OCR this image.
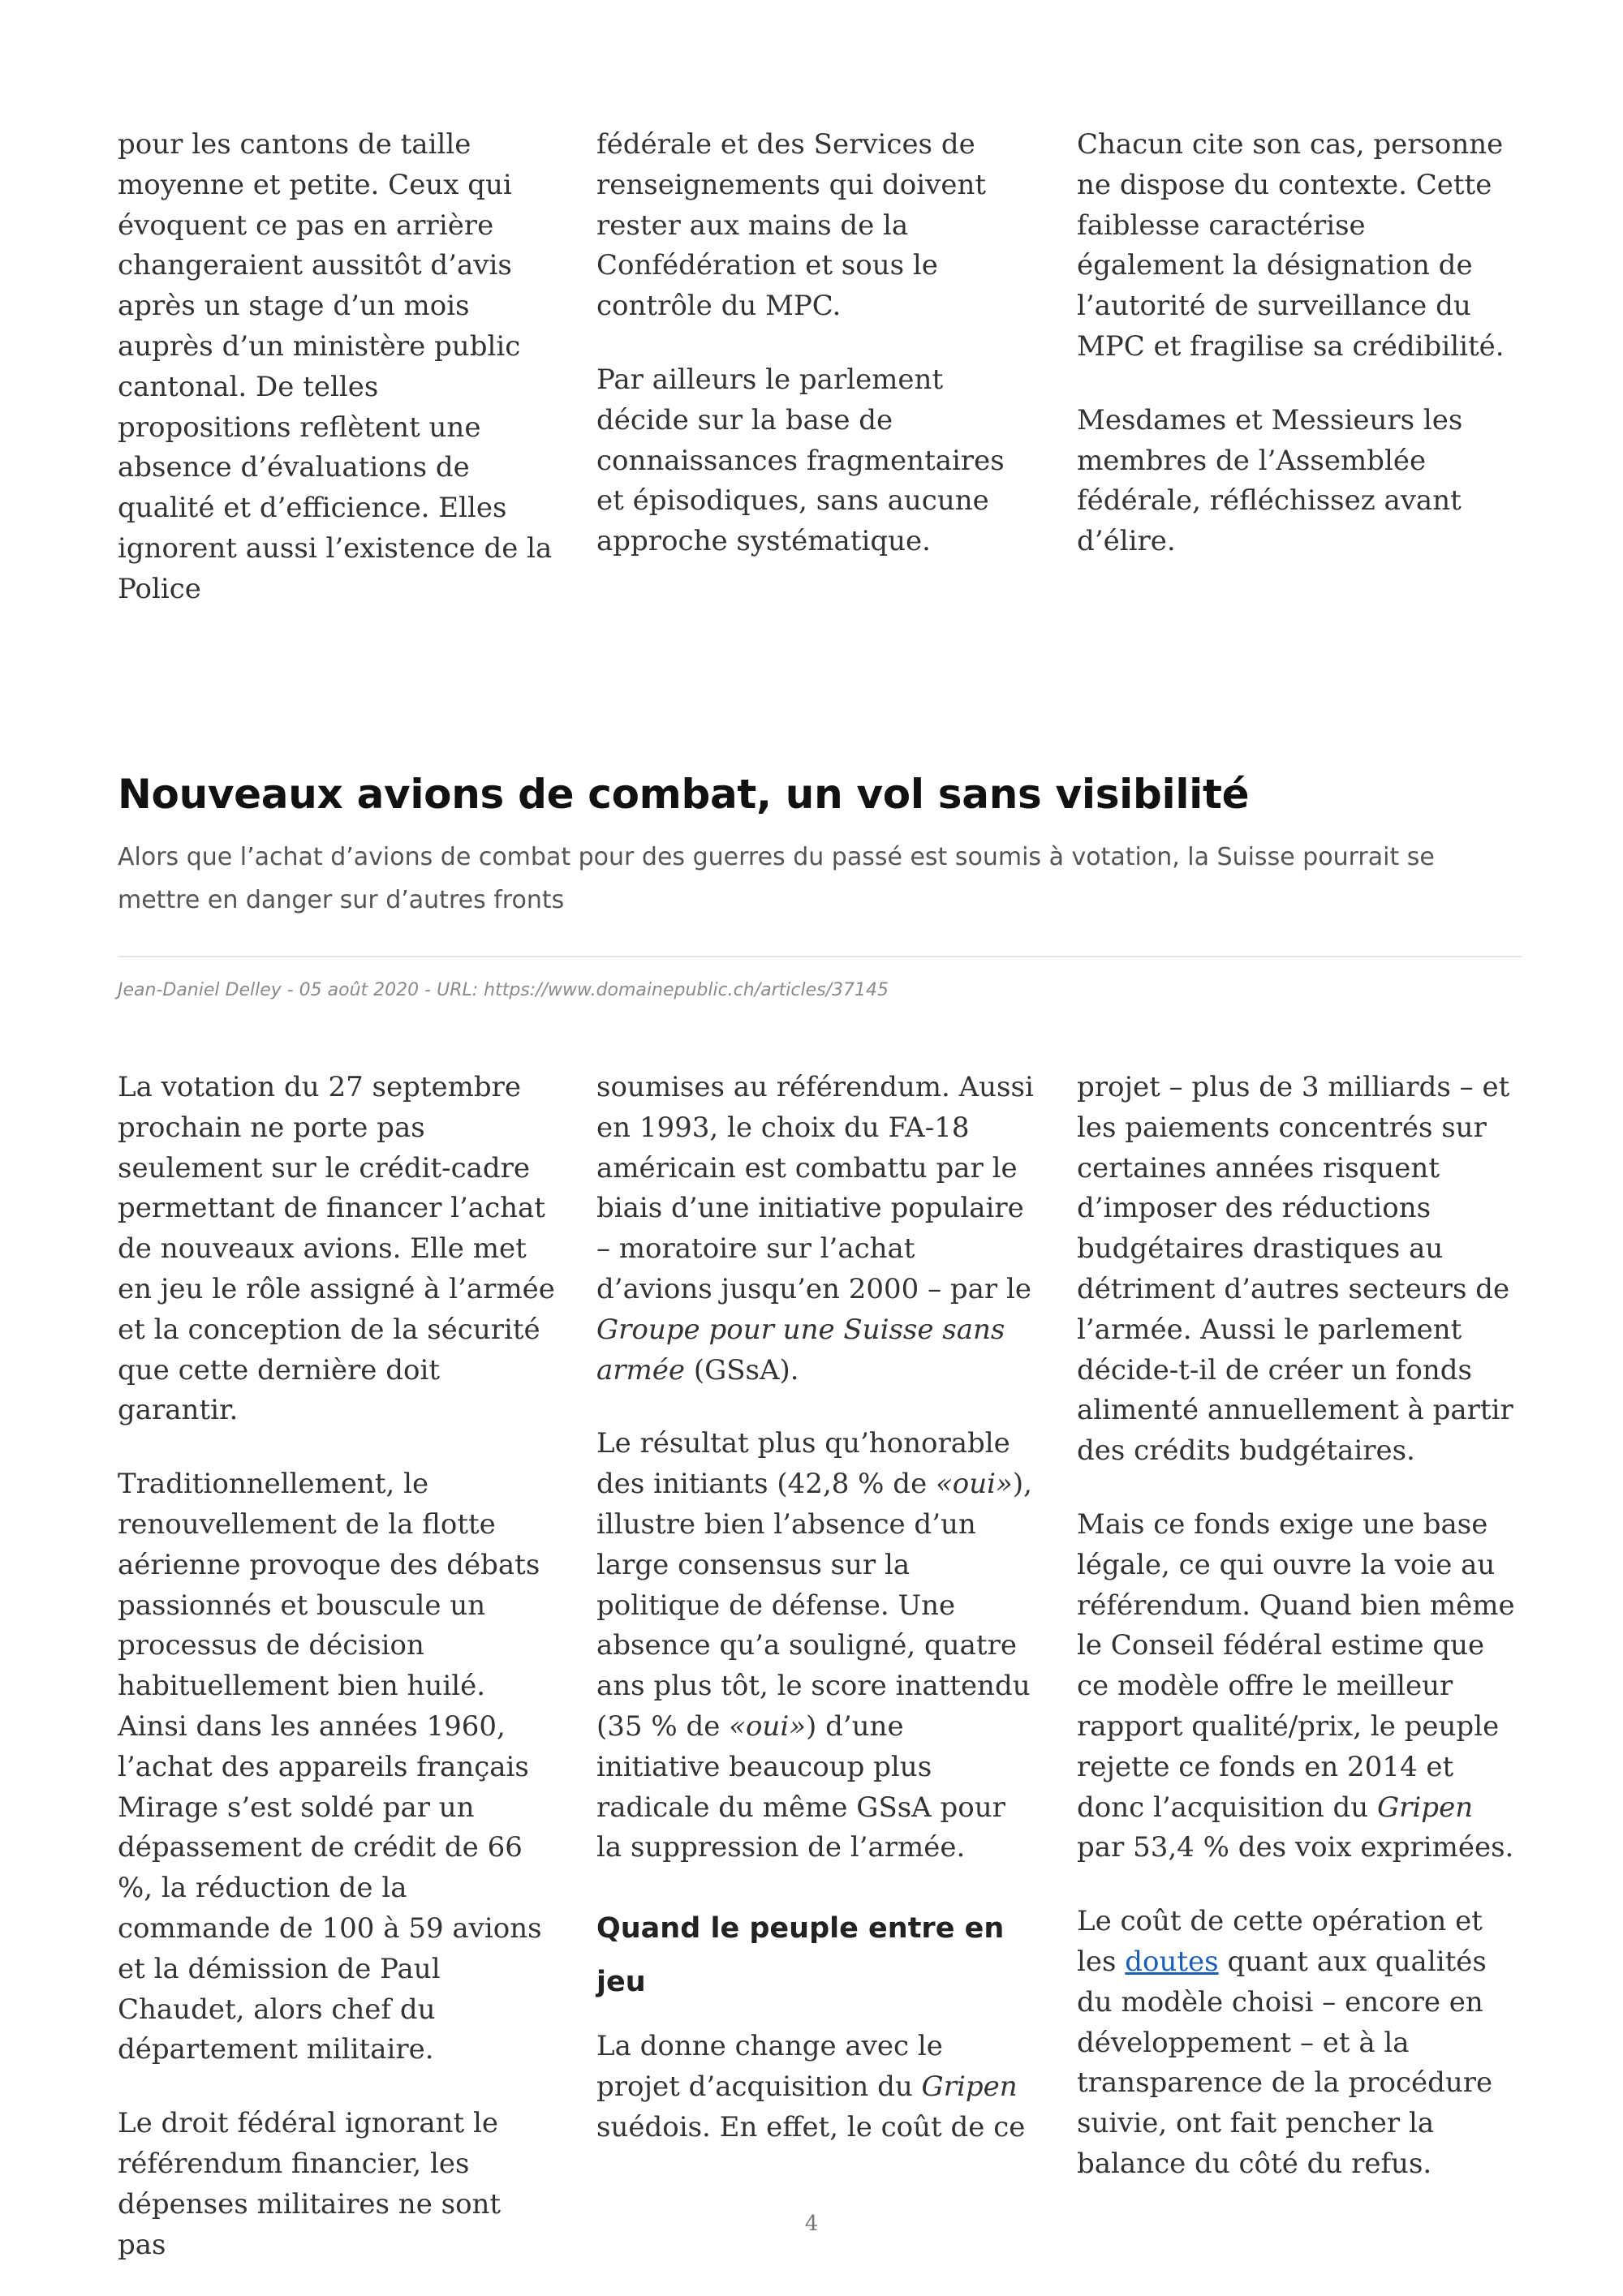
pour les cantons de taille moyenne et petite. Ceux qui évoquent ce pas en arrière changeraient aussitôt d’avis après un stage d’un mois auprès d’un ministère public cantonal. De telles propositions reflètent une absence d’évaluations de qualité et d’efficience. Elles ignorent aussi l’existence de la Police

fédérale et des Services de renseignements qui doivent rester aux mains de la Confédération et sous le contrôle du MPC.

Par ailleurs le parlement décide sur la base de connaissances fragmentaires et épisodiques, sans aucune approche systématique.

Chacun cite son cas, personne ne dispose du contexte. Cette faiblesse caractérise également la désignation de l’autorité de surveillance du MPC et fragilise sa crédibilité.

Mesdames et Messieurs les membres de l’Assemblée fédérale, réfléchissez avant d’élire.

Nouveaux avions de combat, un vol sans visibilité

Alors que l’achat d’avions de combat pour des guerres du passé est soumis à votation, la Suisse pourrait se mettre en danger sur d’autres fronts

Jean-Daniel Delley - 05 août 2020 - URL: https://www.domainepublic.ch/articles/37145

La votation du 27 septembre prochain ne porte pas seulement sur le crédit-cadre permettant de financer l’achat de nouveaux avions. Elle met en jeu le rôle assigné à l’armée et la conception de la sécurité que cette dernière doit garantir.

Traditionnellement, le renouvellement de la flotte aérienne provoque des débats passionnés et bouscule un processus de décision habituellement bien huilé. Ainsi dans les années 1960, l’achat des appareils français Mirage s’est soldé par un dépassement de crédit de 66 %, la réduction de la commande de 100 à 59 avions et la démission de Paul Chaudet, alors chef du département militaire.

Le droit fédéral ignorant le référendum financier, les dépenses militaires ne sont pas

soumises au référendum. Aussi en 1993, le choix du FA-18 américain est combattu par le biais d’une initiative populaire – moratoire sur l’achat d’avions jusqu’en 2000 – par le Groupe pour une Suisse sans armée (GSsA).

Le résultat plus qu’honorable des initiants (42,8 % de «oui»), illustre bien l’absence d’un large consensus sur la politique de défense. Une absence qu’a souligné, quatre ans plus tôt, le score inattendu (35 % de «oui») d’une initiative beaucoup plus radicale du même GSsA pour la suppression de l’armée.

Quand le peuple entre en jeu

La donne change avec le projet d’acquisition du Gripen suédois. En effet, le coût de ce

projet – plus de 3 milliards – et les paiements concentrés sur certaines années risquent d’imposer des réductions budgétaires drastiques au détriment d’autres secteurs de l’armée. Aussi le parlement décide-t-il de créer un fonds alimenté annuellement à partir des crédits budgétaires.

Mais ce fonds exige une base légale, ce qui ouvre la voie au référendum. Quand bien même le Conseil fédéral estime que ce modèle offre le meilleur rapport qualité/prix, le peuple rejette ce fonds en 2014 et donc l’acquisition du Gripen par 53,4 % des voix exprimées.

Le coût de cette opération et les doutes quant aux qualités du modèle choisi – encore en développement – et à la transparence de la procédure suivie, ont fait pencher la balance du côté du refus.

4
